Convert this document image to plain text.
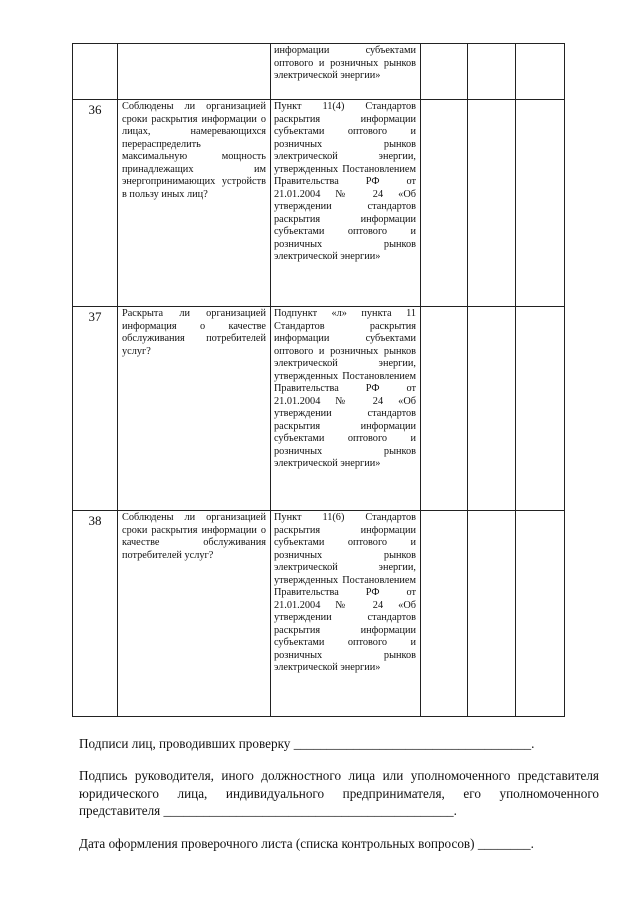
		информации субъектами оптового и розничных рынков электрической энергии»			
36	Соблюдены ли организацией сроки раскрытия информации о лицах, намеревающихся перераспределить максимальную мощность принадлежащих им энергопринимающих устройств в пользу иных лиц?	Пункт 11(4) Стандартов раскрытия информации субъектами оптового и розничных рынков электрической энергии, утвержденных Постановлением Правительства РФ от 21.01.2004 № 24 «Об утверждении стандартов раскрытия информации субъектами оптового и розничных рынков электрической энергии»			
37	Раскрыта ли организацией информация о качестве обслуживания потребителей услуг?	Подпункт «л» пункта 11 Стандартов раскрытия информации субъектами оптового и розничных рынков электрической энергии, утвержденных Постановлением Правительства РФ от 21.01.2004 № 24 «Об утверждении стандартов раскрытия информации субъектами оптового и розничных рынков электрической энергии»			
38	Соблюдены ли организацией сроки раскрытия информации о качестве обслуживания потребителей услуг?	Пункт 11(6) Стандартов раскрытия информации субъектами оптового и розничных рынков электрической энергии, утвержденных Постановлением Правительства РФ от 21.01.2004 № 24 «Об утверждении стандартов раскрытия информации субъектами оптового и розничных рынков электрической энергии»			
Подписи лиц, проводивших проверку ____________________________________.
Подпись руководителя, иного должностного лица или уполномоченного представителя юридического лица, индивидуального предпринимателя, его уполномоченного представителя ____________________________________________.
Дата оформления проверочного листа (списка контрольных вопросов) ________.
